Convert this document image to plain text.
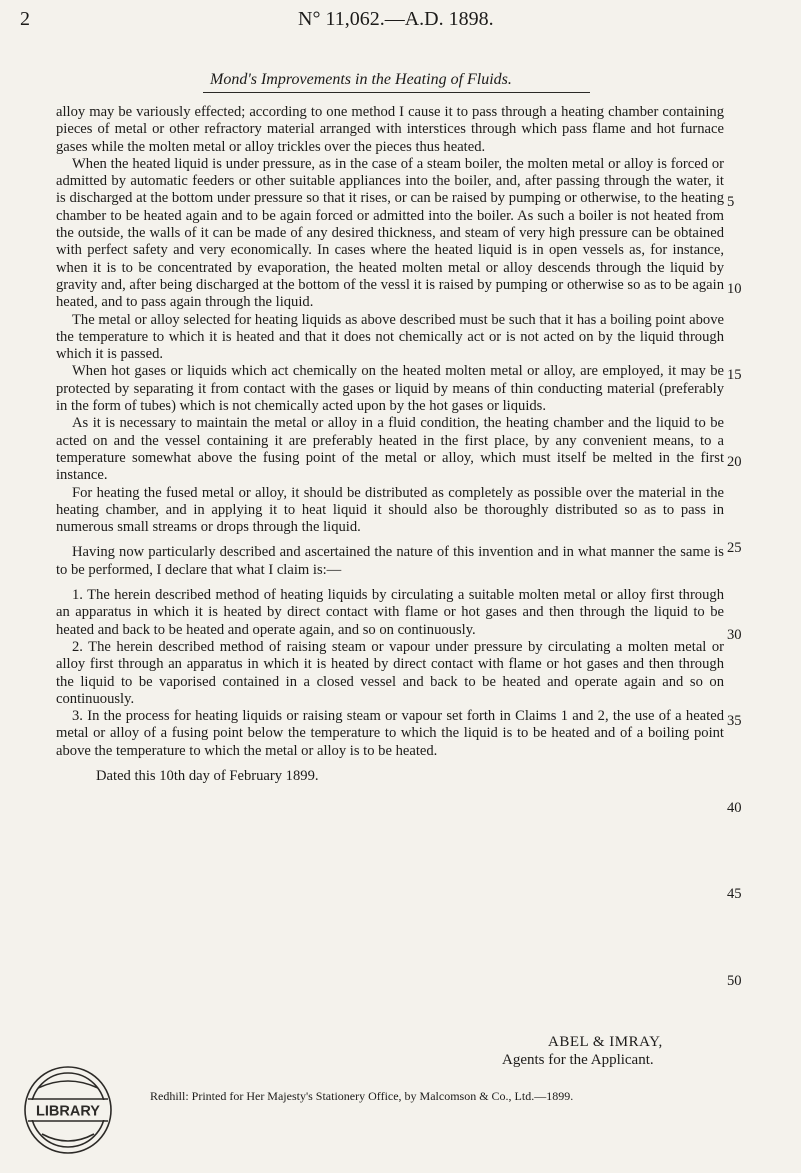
2	N° 11,062.—A.D. 1898.
Mond's Improvements in the Heating of Fluids.

alloy may be variously effected; according to one method I cause it to pass through a heating chamber containing pieces of metal or other refractory material arranged with interstices through which pass flame and hot furnace gases while the molten metal or alloy trickles over the pieces thus heated.

When the heated liquid is under pressure, as in the case of a steam boiler, the molten metal or alloy is forced or admitted by automatic feeders or other suitable appliances into the boiler, and, after passing through the water, it is discharged at the bottom under pressure so that it rises, or can be raised by pumping or otherwise, to the heating chamber to be heated again and to be again forced or admitted into the boiler. As such a boiler is not heated from the outside, the walls of it can be made of any desired thickness, and steam of very high pressure can be obtained with perfect safety and very economically. In cases where the heated liquid is in open vessels as, for instance, when it is to be concentrated by evaporation, the heated molten metal or alloy descends through the liquid by gravity and, after being discharged at the bottom of the vessl it is raised by pumping or otherwise so as to be again heated, and to pass again through the liquid.

The metal or alloy selected for heating liquids as above described must be such that it has a boiling point above the temperature to which it is heated and that it does not chemically act or is not acted on by the liquid through which it is passed.

When hot gases or liquids which act chemically on the heated molten metal or alloy, are employed, it may be protected by separating it from contact with the gases or liquid by means of thin conducting material (preferably in the form of tubes) which is not chemically acted upon by the hot gases or liquids.

As it is necessary to maintain the metal or alloy in a fluid condition, the heating chamber and the liquid to be acted on and the vessel containing it are preferably heated in the first place, by any convenient means, to a temperature somewhat above the fusing point of the metal or alloy, which must itself be melted in the first instance.

For heating the fused metal or alloy, it should be distributed as completely as possible over the material in the heating chamber, and in applying it to heat liquid it should also be thoroughly distributed so as to pass in numerous small streams or drops through the liquid.

Having now particularly described and ascertained the nature of this invention and in what manner the same is to be performed, I declare that what I claim is:—

1. The herein described method of heating liquids by circulating a suitable molten metal or alloy first through an apparatus in which it is heated by direct contact with flame or hot gases and then through the liquid to be heated and back to be heated and operate again, and so on continuously.

2. The herein described method of raising steam or vapour under pressure by circulating a molten metal or alloy first through an apparatus in which it is heated by direct contact with flame or hot gases and then through the liquid to be vaporised contained in a closed vessel and back to be heated and operate again and so on continuously.

3. In the process for heating liquids or raising steam or vapour set forth in Claims 1 and 2, the use of a heated metal or alloy of a fusing point below the temperature to which the liquid is to be heated and of a boiling point above the temperature to which the metal or alloy is to be heated.

Dated this 10th day of February 1899.

5
10
15
20
25
30
35
40
45
50
ABEL & IMRAY,
Agents for the Applicant.
Redhill: Printed for Her Majesty's Stationery Office, by Malcomson & Co., Ltd.—1899.
LIBRARY
